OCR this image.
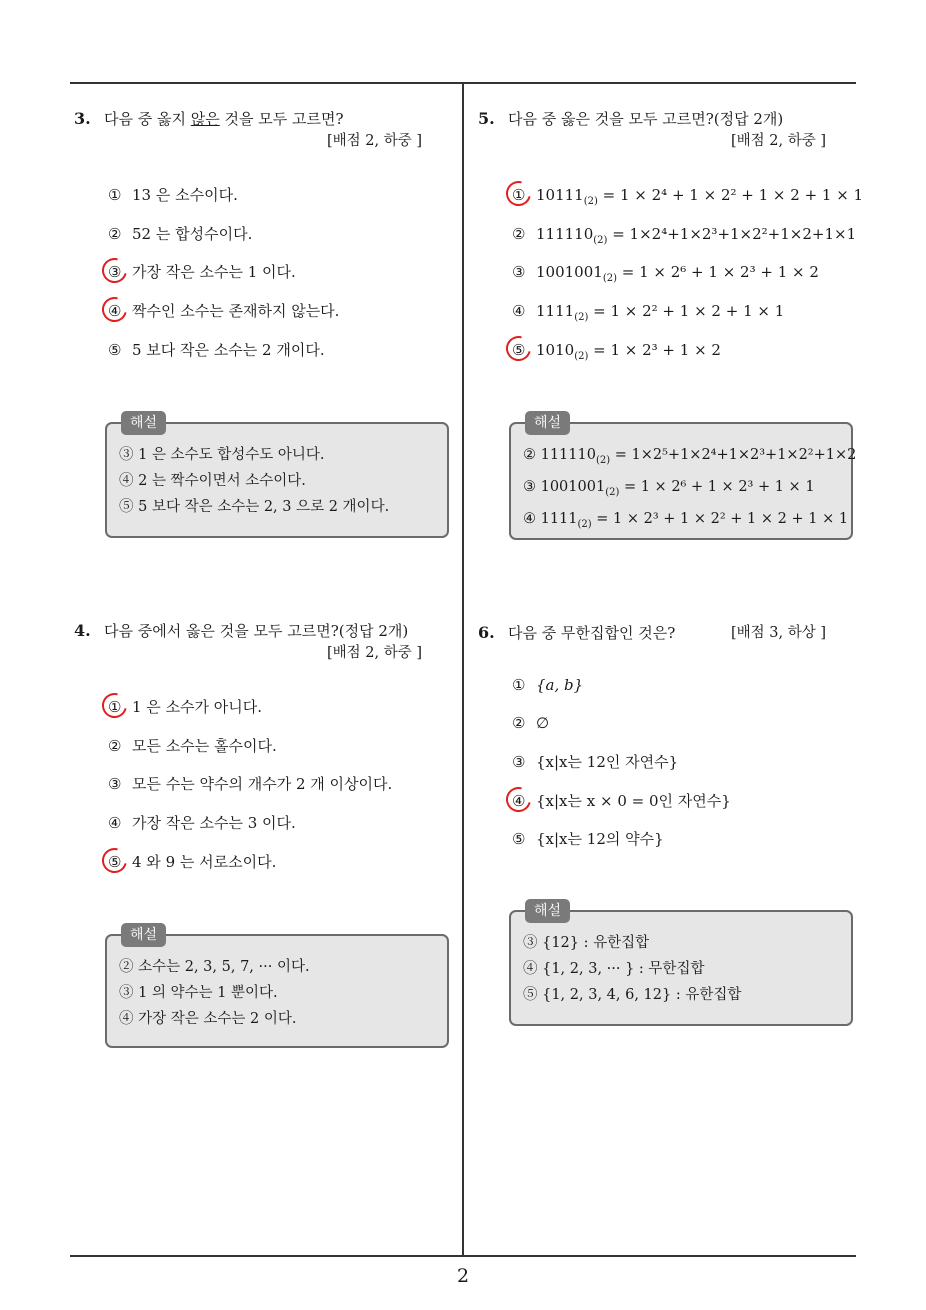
3. 다음 중 옳지 않은 것을 모두 고르면?
[배점 2, 하중 ]
① 13 은 소수이다.
② 52 는 합성수이다.
③ 가장 작은 소수는 1 이다.
④ 짝수인 소수는 존재하지 않는다.
⑤ 5 보다 작은 소수는 2 개이다.
해설
③ 1 은 소수도 합성수도 아니다.
④ 2 는 짝수이면서 소수이다.
⑤ 5 보다 작은 소수는 2, 3 으로 2 개이다.
4. 다음 중에서 옳은 것을 모두 고르면?(정답 2개)
[배점 2, 하중 ]
① 1 은 소수가 아니다.
② 모든 소수는 홀수이다.
③ 모든 수는 약수의 개수가 2 개 이상이다.
④ 가장 작은 소수는 3 이다.
⑤ 4 와 9 는 서로소이다.
해설
② 소수는 2, 3, 5, 7, ··· 이다.
③ 1 의 약수는 1 뿐이다.
④ 가장 작은 소수는 2 이다.
5. 다음 중 옳은 것을 모두 고르면?(정답 2개)
[배점 2, 하중 ]
① $10111_{(2)} = 1 \times 2^4 + 1 \times 2^2 + 1 \times 2 + 1 \times 1$
② $111110_{(2)} = 1\times 2^4+1\times 2^3+1\times 2^2+1\times 2+1\times 1$
③ $1001001_{(2)} = 1 \times 2^6 + 1 \times 2^3 + 1 \times 2$
④ $1111_{(2)} = 1 \times 2^2 + 1 \times 2 + 1 \times 1$
⑤ $1010_{(2)} = 1 \times 2^3 + 1 \times 2$
해설
② $111110_{(2)} = 1\times 2^5+1\times 2^4+1\times 2^3+1\times 2^2+1\times 2$
③ $1001001_{(2)} = 1 \times 2^6 + 1 \times 2^3 + 1 \times 1$
④ $1111_{(2)} = 1 \times 2^3 + 1 \times 2^2 + 1 \times 2 + 1 \times 1$
6. 다음 중 무한집합인 것은?	[배점 3, 하상 ]
① {a, b}
② ∅
③ {x|x는 12인 자연수}
④ {x|x는 x × 0 = 0인 자연수}
⑤ {x|x는 12의 약수}
해설
③ {12} : 유한집합
④ {1, 2, 3, ··· } : 무한집합
⑤ {1, 2, 3, 4, 6, 12} : 유한집합
2
